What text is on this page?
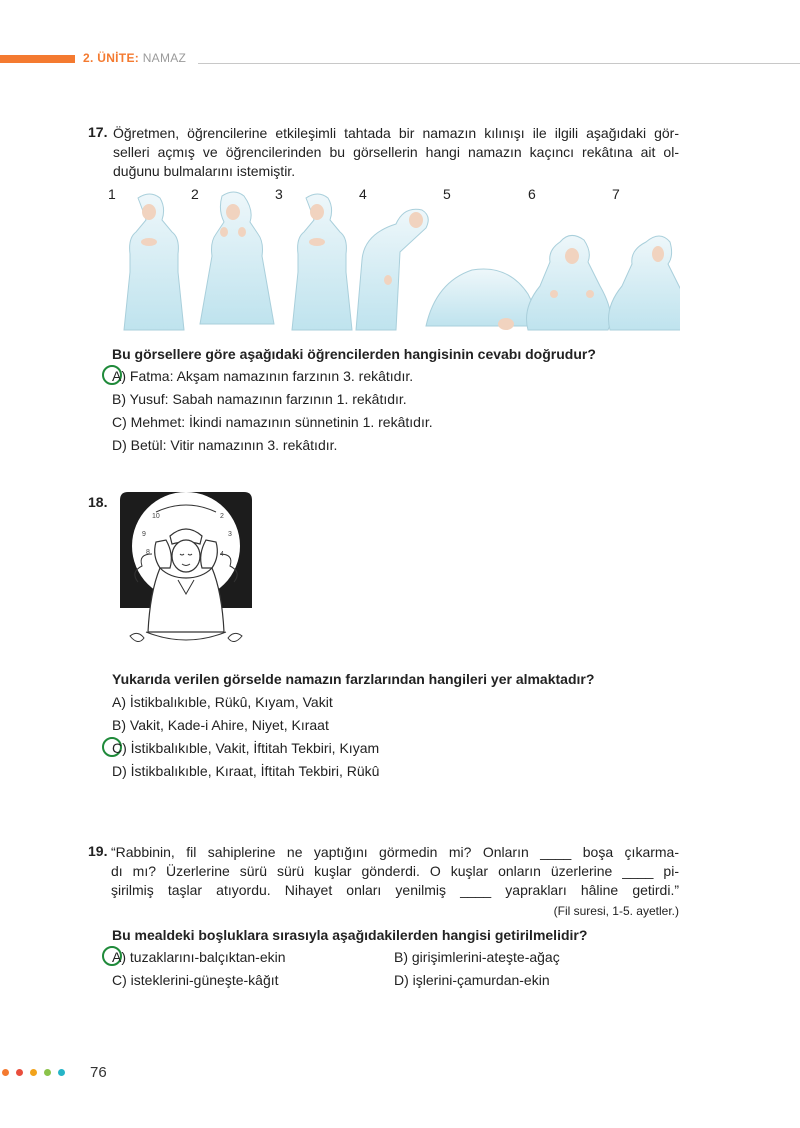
2. ÜNİTE: NAMAZ
17. Öğretmen, öğrencilerine etkileşimli tahtada bir namazın kılınışı ile ilgili aşağıdaki gör-
selleri açmış ve öğrencilerinden bu görsellerin hangi namazın kaçıncı rekâtına ait ol-
duğunu bulmalarını istemiştir.
1	2	3	4	5	6	7
Bu görsellere göre aşağıdaki öğrencilerden hangisinin cevabı doğrudur?
A) Fatma: Akşam namazının farzının 3. rekâtıdır.
B) Yusuf: Sabah namazının farzının 1. rekâtıdır.
C) Mehmet: İkindi namazının sünnetinin 1. rekâtıdır.
D) Betül: Vitir namazının 3. rekâtıdır.
18.
10	2
3
4
9
8
Yukarıda verilen görselde namazın farzlarından hangileri yer almaktadır?
A) İstikbalıkıble, Rükû, Kıyam, Vakit
B) Vakit, Kade-i Ahire, Niyet, Kıraat
C) İstikbalıkıble, Vakit, İftitah Tekbiri, Kıyam
D) İstikbalıkıble, Kıraat, İftitah Tekbiri, Rükû
19. “Rabbinin, fil sahiplerine ne yaptığını görmedin mi? Onların ____ boşa çıkarma-
dı mı? Üzerlerine sürü sürü kuşlar gönderdi. O kuşlar onların üzerlerine ____ pi-
şirilmiş taşlar atıyordu. Nihayet onları yenilmiş ____ yaprakları hâline getirdi.”
(Fil suresi, 1-5. ayetler.)
Bu mealdeki boşluklara sırasıyla aşağıdakilerden hangisi getirilmelidir?
A) tuzaklarını-balçıktan-ekin	B) girişimlerini-ateşte-ağaç
C) isteklerini-güneşte-kâğıt	D) işlerini-çamurdan-ekin
76
